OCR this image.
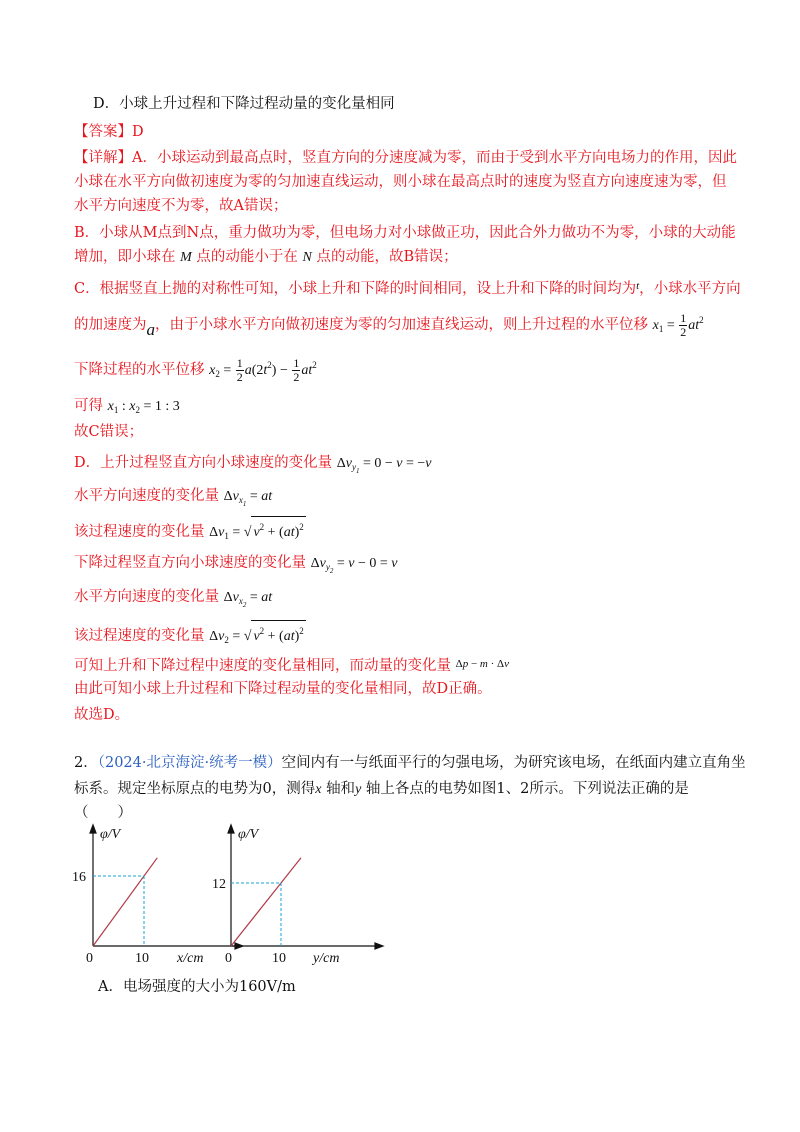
D．小球上升过程和下降过程动量的变化量相同
【答案】D
【详解】A．小球运动到最高点时，竖直方向的分速度减为零，而由于受到水平方向电场力的作用，因此
小球在水平方向做初速度为零的匀加速直线运动，则小球在最高点时的速度为竖直方向速度速为零，但
水平方向速度不为零，故A错误；
B．小球从M点到N点，重力做功为零，但电场力对小球做正功，因此合外力做功不为零，小球的大动能
增加，即小球在 M 点的动能小于在 N 点的动能，故B错误；
C．根据竖直上抛的对称性可知，小球上升和下降的时间相同，设上升和下降的时间均为$^t$，小球水平方向
的加速度为a，由于小球水平方向做初速度为零的匀加速直线运动，则上升过程的水平位移 $x_1 = \frac{1}{2} at^2$
下降过程的水平位移 $x_2 = \frac{1}{2} a(2t^2) - \frac{1}{2} at^2$
可得 $x_1$ : $x_2 = 1$ : 3
故C错误；
D．上升过程竖直方向小球速度的变化量 $\Delta v_{y_1} = 0 - v = -v$
水平方向速度的变化量 $\Delta v_{x_1}$ = at
该过程速度的变化量 $\Delta v_1$ = √ $v^2 + (at)^2$
下降过程竖直方向小球速度的变化量 $\Delta v_{y_2} = v - 0 = v$
水平方向速度的变化量 $\Delta v_{x_2}$ = at
该过程速度的变化量 $\Delta v_2$ = √ $v^2 + (at)^2$
可知上升和下降过程中速度的变化量相同，而动量的变化量 $^{\Delta p - m \cdot \Delta v}$
由此可知小球上升过程和下降过程动量的变化量相同，故D正确。
故选D。
2．（2024·北京海淀·统考一模）空间内有一与纸面平行的匀强电场，为研究该电场，在纸面内建立直角坐
标系。规定坐标原点的电势为0，测得x 轴和y 轴上各点的电势如图1、2所示。下列说法正确的是
（　　）
φ/V
x/cm
0	10
16
φ/V
y/cm
0	10
12
A．电场强度的大小为160V/m
